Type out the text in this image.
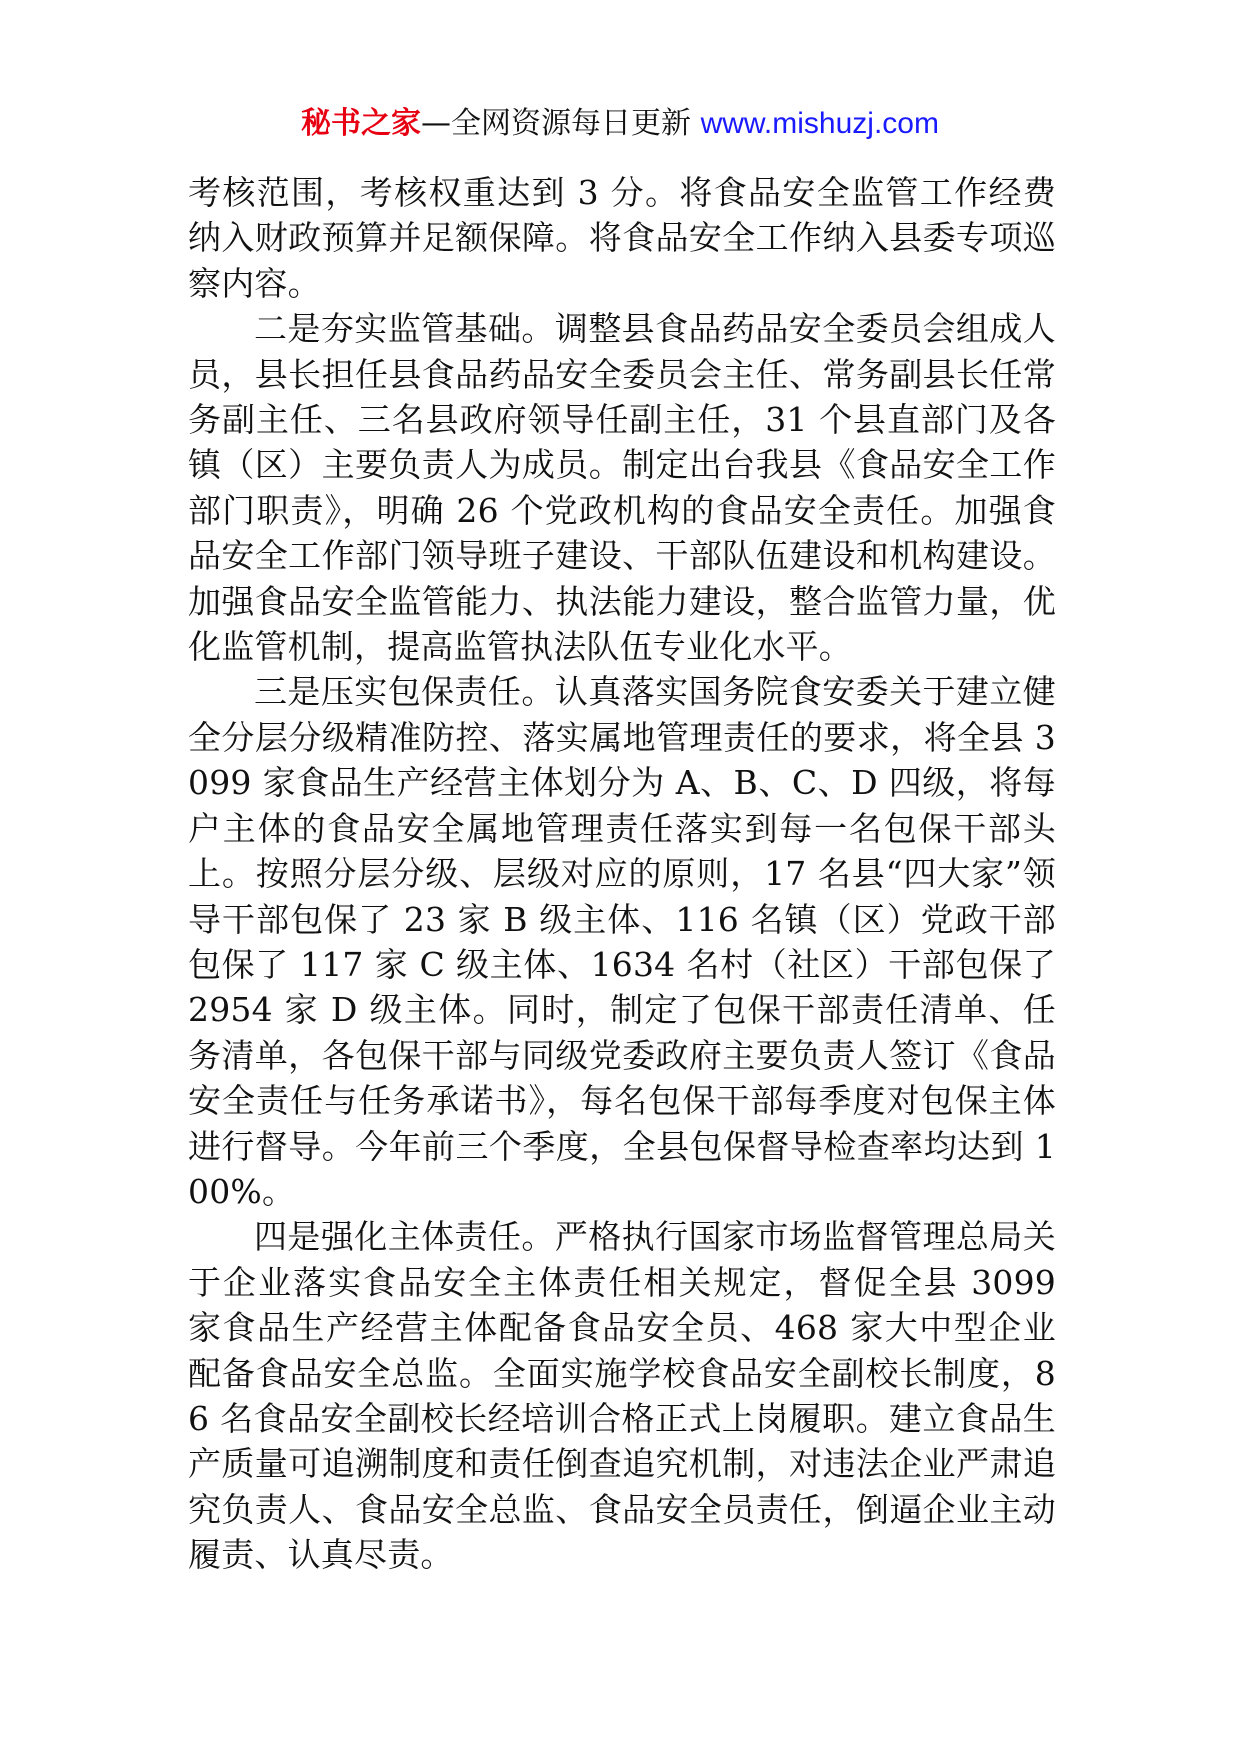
秘书之家—全网资源每日更新 www.mishuzj.com

考核范围，考核权重达到 3 分。将食品安全监管工作经费纳入财政预算并足额保障。将食品安全工作纳入县委专项巡察内容。

二是夯实监管基础。调整县食品药品安全委员会组成人员，县长担任县食品药品安全委员会主任、常务副县长任常务副主任、三名县政府领导任副主任，31 个县直部门及各镇（区）主要负责人为成员。制定出台我县《食品安全工作部门职责》，明确 26 个党政机构的食品安全责任。加强食品安全工作部门领导班子建设、干部队伍建设和机构建设。加强食品安全监管能力、执法能力建设，整合监管力量，优化监管机制，提高监管执法队伍专业化水平。

三是压实包保责任。认真落实国务院食安委关于建立健全分层分级精准防控、落实属地管理责任的要求，将全县 3099 家食品生产经营主体划分为 A、B、C、D 四级，将每户主体的食品安全属地管理责任落实到每一名包保干部头上。按照分层分级、层级对应的原则，17 名县“四大家”领导干部包保了 23 家 B 级主体、116 名镇（区）党政干部包保了 117 家 C 级主体、1634 名村（社区）干部包保了 2954 家 D 级主体。同时，制定了包保干部责任清单、任务清单，各包保干部与同级党委政府主要负责人签订《食品安全责任与任务承诺书》，每名包保干部每季度对包保主体进行督导。今年前三个季度，全县包保督导检查率均达到 100%。

四是强化主体责任。严格执行国家市场监督管理总局关于企业落实食品安全主体责任相关规定，督促全县 3099 家食品生产经营主体配备食品安全员、468 家大中型企业配备食品安全总监。全面实施学校食品安全副校长制度，86 名食品安全副校长经培训合格正式上岗履职。建立食品生产质量可追溯制度和责任倒查追究机制，对违法企业严肃追究负责人、食品安全总监、食品安全员责任，倒逼企业主动履责、认真尽责。
